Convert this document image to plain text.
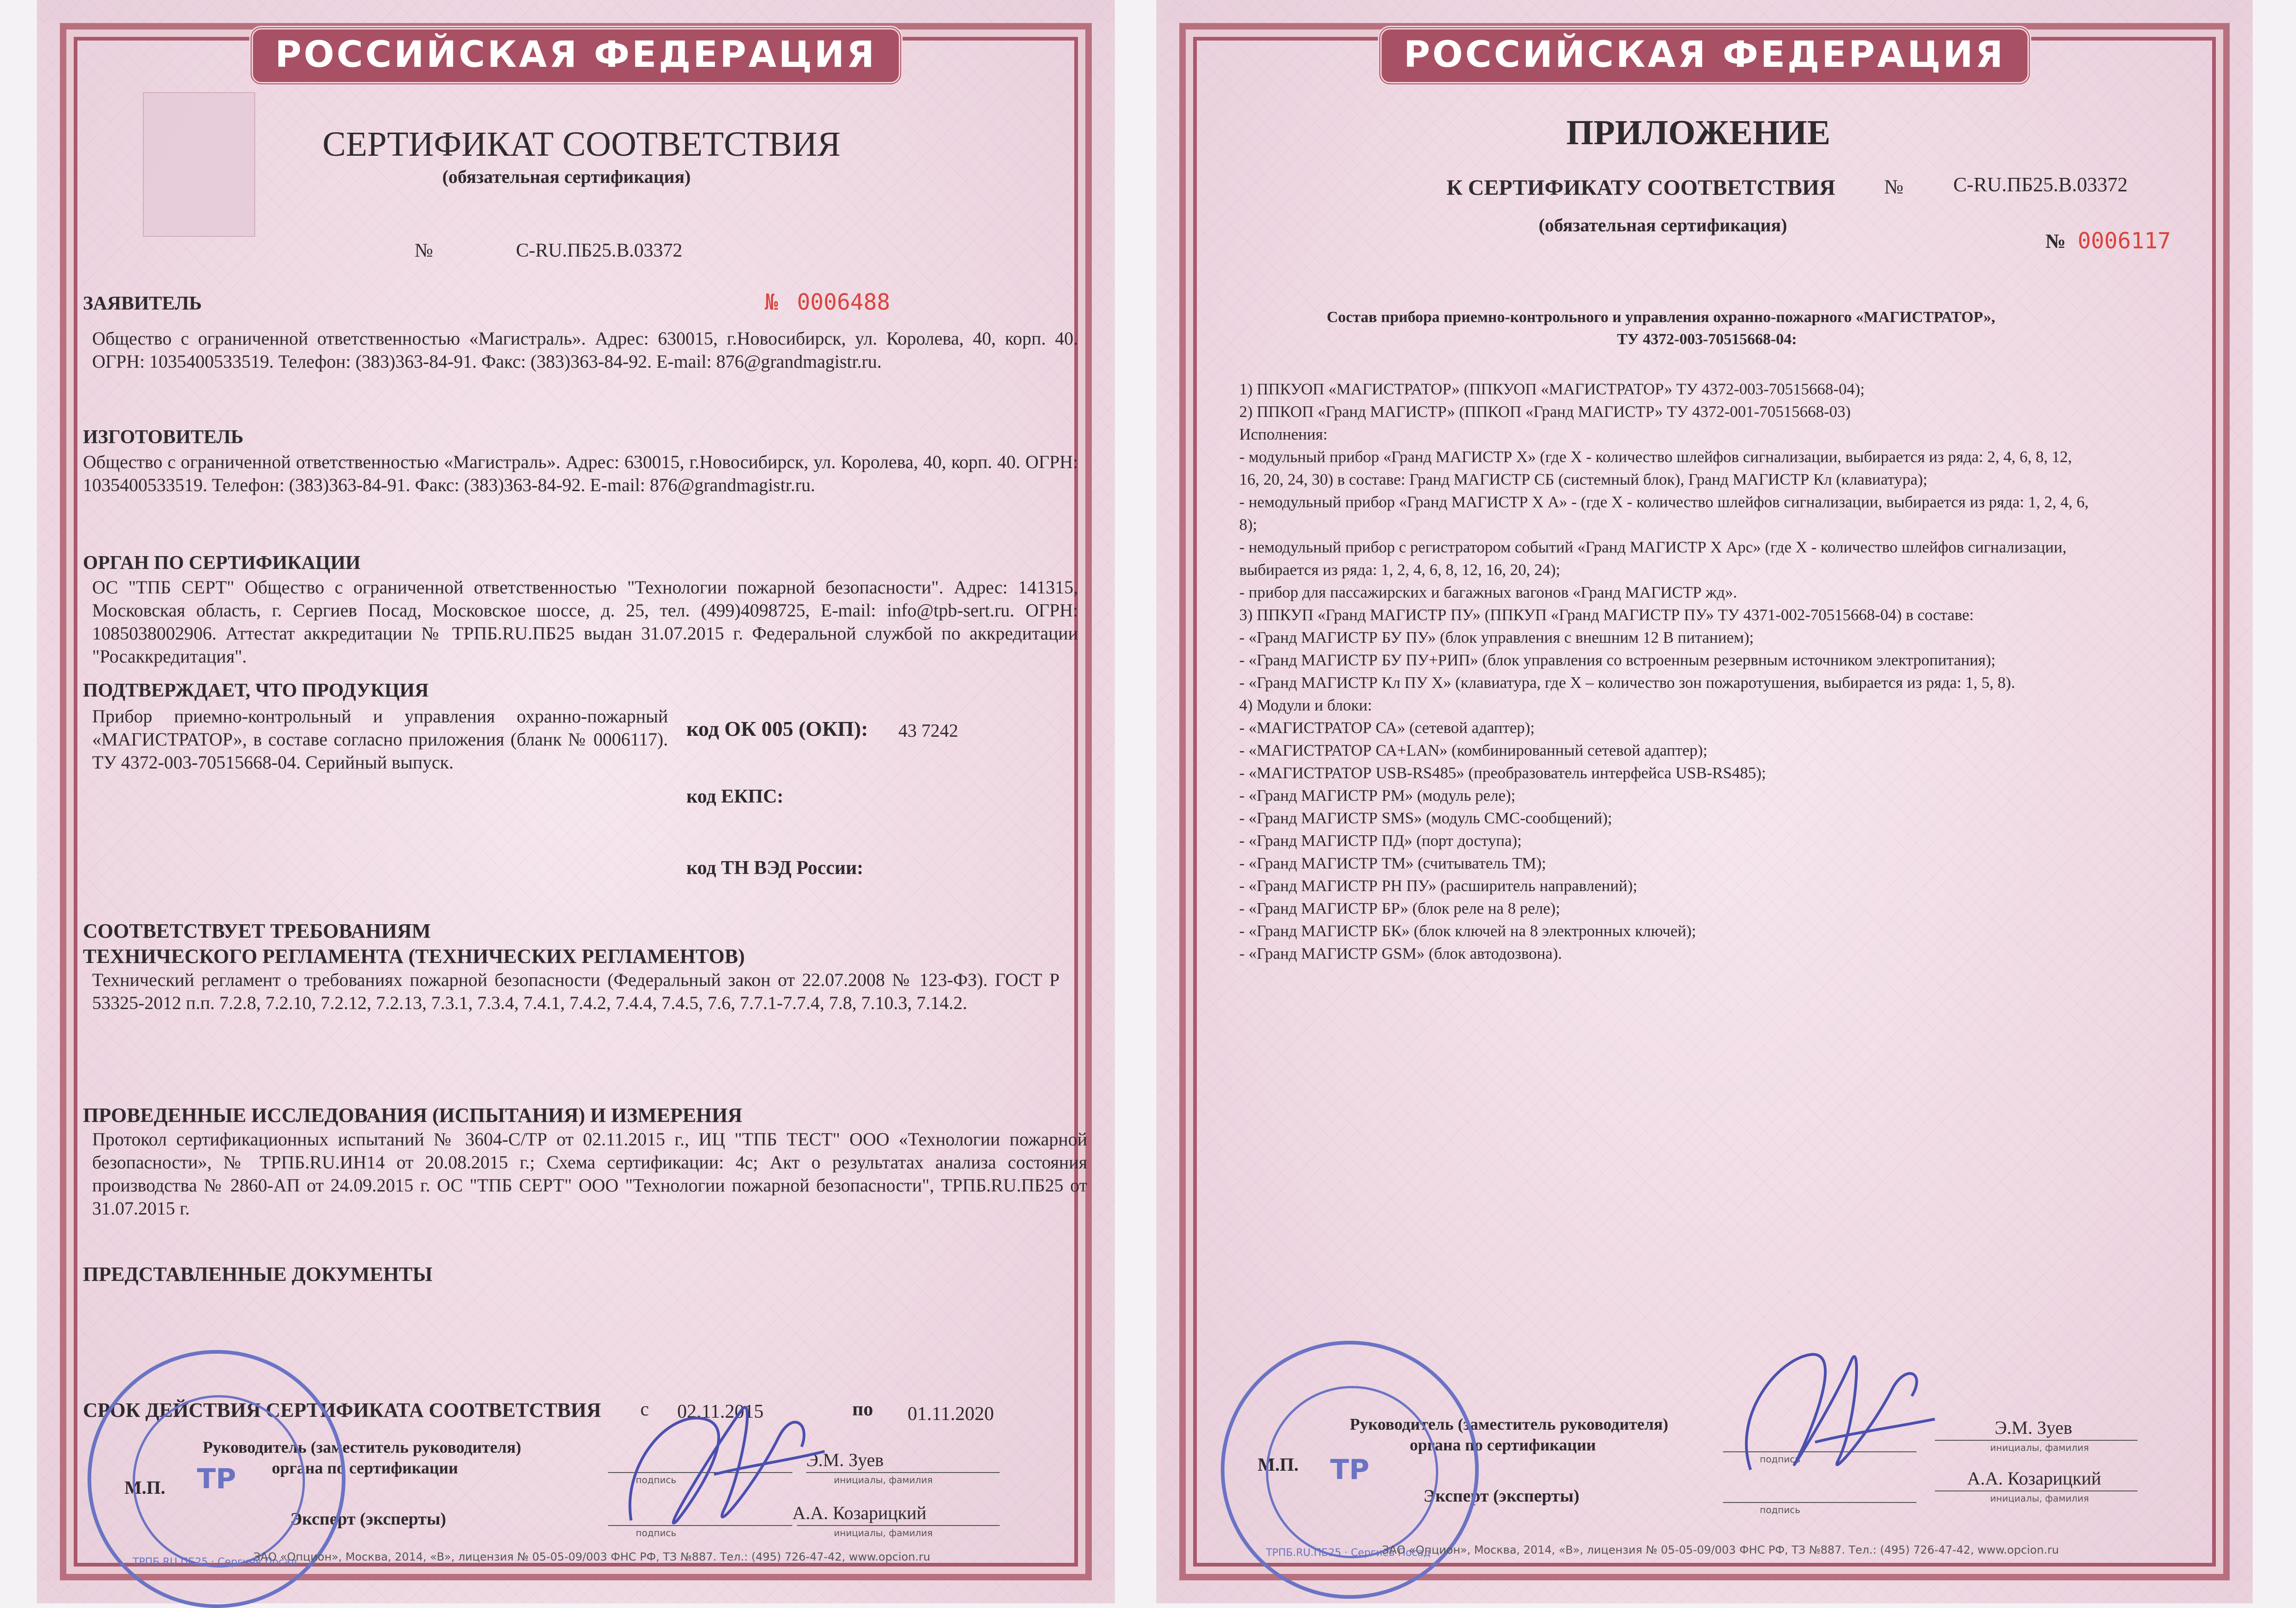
РОССИЙСКАЯ ФЕДЕРАЦИЯ
СЕРТИФИКАТ СООТВЕТСТВИЯ
(обязательная сертификация)
№	C-RU.ПБ25.В.03372
ЗАЯВИТЕЛЬ	№ 0006488
Общество с ограниченной ответственностью «Магистраль». Адрес: 630015, г.Новосибирск, ул. Королева, 40, корп. 40. ОГРН: 1035400533519. Телефон: (383)363-84-91. Факс: (383)363-84-92. E-mail: 876@grandmagistr.ru.
ИЗГОТОВИТЕЛЬ
Общество с ограниченной ответственностью «Магистраль». Адрес: 630015, г.Новосибирск, ул. Королева, 40, корп. 40. ОГРН: 1035400533519. Телефон: (383)363-84-91. Факс: (383)363-84-92. E-mail: 876@grandmagistr.ru.
ОРГАН ПО СЕРТИФИКАЦИИ
ОС "ТПБ СЕРТ" Общество с ограниченной ответственностью "Технологии пожарной безопасности". Адрес: 141315, Московская область, г. Сергиев Посад, Московское шоссе, д. 25, тел. (499)4098725, E-mail: info@tpb-sert.ru. ОГРН: 1085038002906. Аттестат аккредитации № ТРПБ.RU.ПБ25 выдан 31.07.2015 г. Федеральной службой по аккредитации "Росаккредитация".
ПОДТВЕРЖДАЕТ, ЧТО ПРОДУКЦИЯ
Прибор приемно-контрольный и управления охранно-пожарный «МАГИСТРАТОР», в составе согласно приложения (бланк № 0006117). ТУ 4372-003-70515668-04. Серийный выпуск.
код ОК 005 (ОКП): 43 7242
код ЕКПС:
код ТН ВЭД России:
СООТВЕТСТВУЕТ ТРЕБОВАНИЯМ
ТЕХНИЧЕСКОГО РЕГЛАМЕНТА (ТЕХНИЧЕСКИХ РЕГЛАМЕНТОВ)
Технический регламент о требованиях пожарной безопасности (Федеральный закон от 22.07.2008 № 123-ФЗ). ГОСТ Р 53325-2012 п.п. 7.2.8, 7.2.10, 7.2.12, 7.2.13, 7.3.1, 7.3.4, 7.4.1, 7.4.2, 7.4.4, 7.4.5, 7.6, 7.7.1-7.7.4, 7.8, 7.10.3, 7.14.2.
ПРОВЕДЕННЫЕ ИССЛЕДОВАНИЯ (ИСПЫТАНИЯ) И ИЗМЕРЕНИЯ
Протокол сертификационных испытаний № 3604-С/ТР от 02.11.2015 г., ИЦ "ТПБ ТЕСТ" ООО «Технологии пожарной безопасности», № ТРПБ.RU.ИН14 от 20.08.2015 г.; Схема сертификации: 4с; Акт о результатах анализа состояния производства № 2860-АП от 24.09.2015 г. ОС "ТПБ СЕРТ" ООО "Технологии пожарной безопасности", ТРПБ.RU.ПБ25 от 31.07.2015 г.
ПРЕДСТАВЛЕННЫЕ ДОКУМЕНТЫ
СРОК ДЕЙСТВИЯ СЕРТИФИКАТА СООТВЕТСТВИЯ с 02.11.2015	по 01.11.2020
Руководитель (заместитель руководителя)
органа по сертификации
М.П.
Эксперт (эксперты)
подпись
Э.М. Зуев
инициалы, фамилия
подпись
А.А. Козарицкий
инициалы, фамилия
ТР
ТРПБ.RU.ПБ25 · Сергиев Посад
ЗАО «Опцион», Москва, 2014, «В», лицензия № 05-05-09/003 ФНС РФ, ТЗ №887. Тел.: (495) 726-47-42, www.opcion.ru
РОССИЙСКАЯ ФЕДЕРАЦИЯ
ПРИЛОЖЕНИЕ
К СЕРТИФИКАТУ СООТВЕТСТВИЯ № C-RU.ПБ25.В.03372
(обязательная сертификация)
№ 0006117
Состав прибора приемно-контрольного и управления охранно-пожарного «МАГИСТРАТОР»,
ТУ 4372-003-70515668-04:
1) ППКУОП «МАГИСТРАТОР» (ППКУОП «МАГИСТРАТОР» ТУ 4372-003-70515668-04);
2) ППКОП «Гранд МАГИСТР» (ППКОП «Гранд МАГИСТР» ТУ 4372-001-70515668-03)
Исполнения:
- модульный прибор «Гранд МАГИСТР X» (где X - количество шлейфов сигнализации, выбирается из ряда: 2, 4, 6, 8, 12,
16, 20, 24, 30) в составе: Гранд МАГИСТР СБ (системный блок), Гранд МАГИСТР Кл (клавиатура);
- немодульный прибор «Гранд МАГИСТР X А» - (где X - количество шлейфов сигнализации, выбирается из ряда: 1, 2, 4, 6,
8);
- немодульный прибор с регистратором событий «Гранд МАГИСТР X Арс» (где X - количество шлейфов сигнализации,
выбирается из ряда: 1, 2, 4, 6, 8, 12, 16, 20, 24);
- прибор для пассажирских и багажных вагонов «Гранд МАГИСТР жд».
3) ППКУП «Гранд МАГИСТР ПУ» (ППКУП «Гранд МАГИСТР ПУ» ТУ 4371-002-70515668-04) в составе:
- «Гранд МАГИСТР БУ ПУ» (блок управления с внешним 12 В питанием);
- «Гранд МАГИСТР БУ ПУ+РИП» (блок управления со встроенным резервным источником электропитания);
- «Гранд МАГИСТР Кл ПУ X» (клавиатура, где X – количество зон пожаротушения, выбирается из ряда: 1, 5, 8).
4) Модули и блоки:
- «МАГИСТРАТОР СА» (сетевой адаптер);
- «МАГИСТРАТОР СА+LAN» (комбинированный сетевой адаптер);
- «МАГИСТРАТОР USB-RS485» (преобразователь интерфейса USB-RS485);
- «Гранд МАГИСТР РМ» (модуль реле);
- «Гранд МАГИСТР SMS» (модуль СМС-сообщений);
- «Гранд МАГИСТР ПД» (порт доступа);
- «Гранд МАГИСТР ТМ» (считыватель ТМ);
- «Гранд МАГИСТР РН ПУ» (расширитель направлений);
- «Гранд МАГИСТР БР» (блок реле на 8 реле);
- «Гранд МАГИСТР БК» (блок ключей на 8 электронных ключей);
- «Гранд МАГИСТР GSM» (блок автодозвона).
Руководитель (заместитель руководителя)
органа по сертификации
М.П.
Эксперт (эксперты)
подпись
Э.М. Зуев
инициалы, фамилия
подпись
А.А. Козарицкий
инициалы, фамилия
ТР
ТРПБ.RU.ПБ25 · Сергиев Посад
ЗАО «Опцион», Москва, 2014, «В», лицензия № 05-05-09/003 ФНС РФ, ТЗ №887. Тел.: (495) 726-47-42, www.opcion.ru
